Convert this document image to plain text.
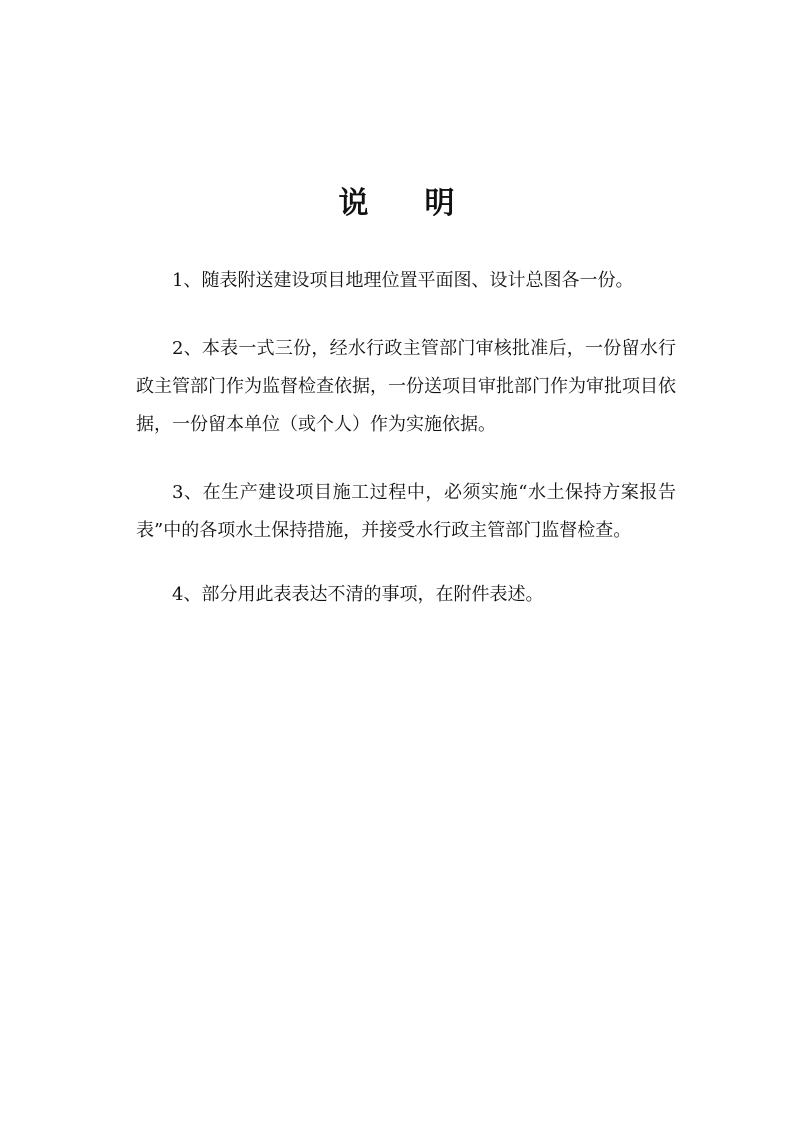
说 明

1、随表附送建设项目地理位置平面图、设计总图各一份。

2、本表一式三份，经水行政主管部门审核批准后，一份留水行政主管部门作为监督检查依据，一份送项目审批部门作为审批项目依据，一份留本单位（或个人）作为实施依据。

3、在生产建设项目施工过程中，必须实施“水土保持方案报告表”中的各项水土保持措施，并接受水行政主管部门监督检查。

4、部分用此表表达不清的事项，在附件表述。
